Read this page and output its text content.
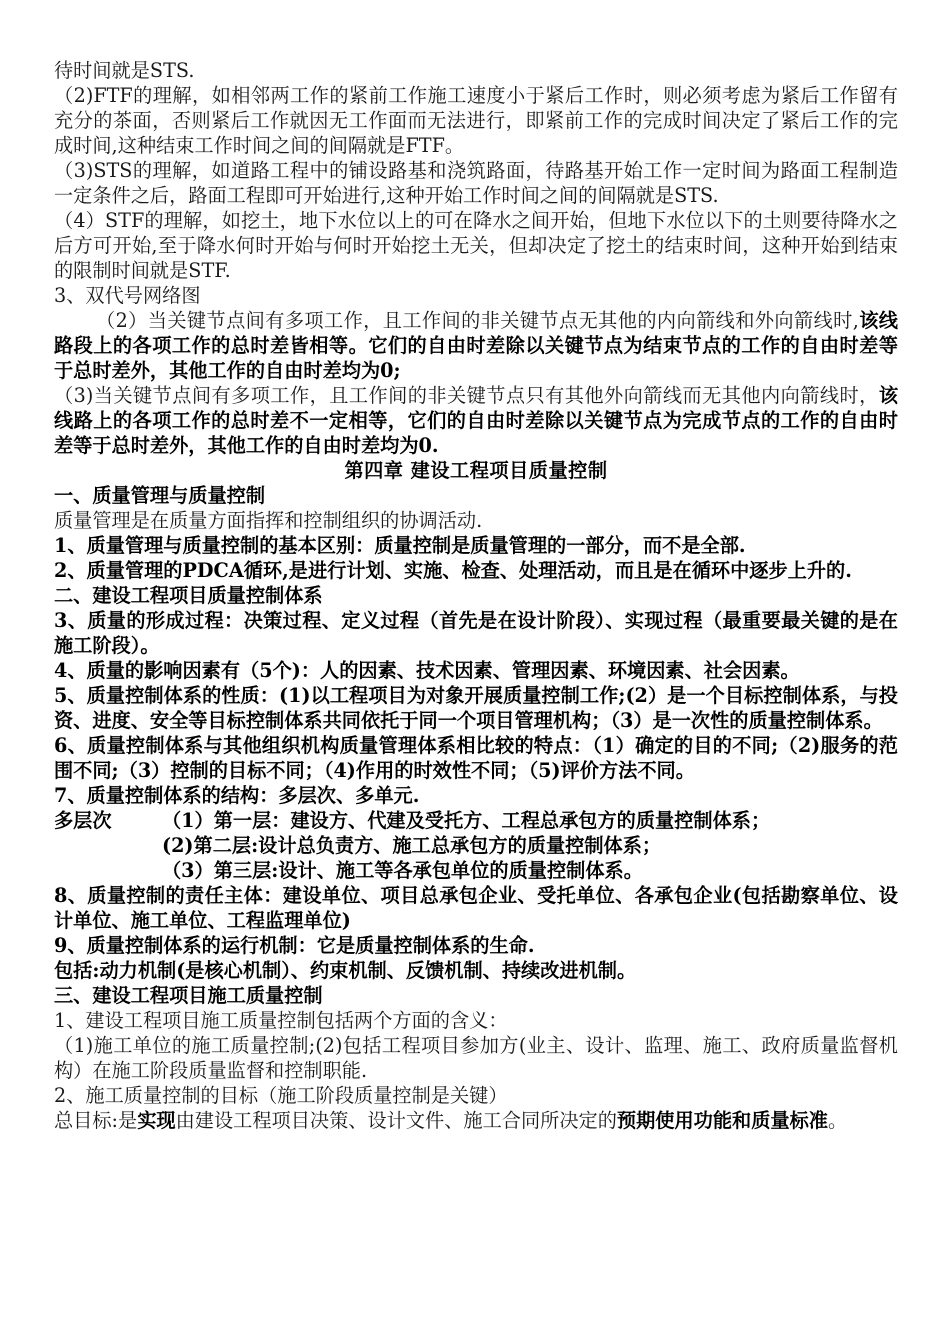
待时间就是STS.

（2)FTF的理解，如相邻两工作的紧前工作施工速度小于紧后工作时，则必须考虑为紧后工作留有充分的茶面，否则紧后工作就因无工作面而无法进行，即紧前工作的完成时间决定了紧后工作的完成时间,这种结束工作时间之间的间隔就是FTF。

（3)STS的理解，如道路工程中的铺设路基和浇筑路面，待路基开始工作一定时间为路面工程制造一定条件之后，路面工程即可开始进行,这种开始工作时间之间的间隔就是STS.

（4）STF的理解，如挖土，地下水位以上的可在降水之间开始，但地下水位以下的土则要待降水之后方可开始,至于降水何时开始与何时开始挖土无关，但却决定了挖土的结束时间，这种开始到结束的限制时间就是STF.

3、双代号网络图

（2）当关键节点间有多项工作，且工作间的非关键节点无其他的内向箭线和外向箭线时,该线路段上的各项工作的总时差皆相等。它们的自由时差除以关键节点为结束节点的工作的自由时差等于总时差外，其他工作的自由时差均为0;

（3)当关键节点间有多项工作，且工作间的非关键节点只有其他外向箭线而无其他内向箭线时，该线路上的各项工作的总时差不一定相等，它们的自由时差除以关键节点为完成节点的工作的自由时差等于总时差外，其他工作的自由时差均为0.

第四章 建设工程项目质量控制

一、质量管理与质量控制

质量管理是在质量方面指挥和控制组织的协调活动.

1、质量管理与质量控制的基本区别：质量控制是质量管理的一部分，而不是全部.

2、质量管理的PDCA循环,是进行计划、实施、检查、处理活动，而且是在循环中逐步上升的.

二、建设工程项目质量控制体系

3、质量的形成过程：决策过程、定义过程（首先是在设计阶段）、实现过程（最重要最关键的是在施工阶段）。

4、质量的影响因素有（5个)：人的因素、技术因素、管理因素、环境因素、社会因素。

5、质量控制体系的性质：(1)以工程项目为对象开展质量控制工作;(2）是一个目标控制体系，与投资、进度、安全等目标控制体系共同依托于同一个项目管理机构；（3）是一次性的质量控制体系。

6、质量控制体系与其他组织机构质量管理体系相比较的特点：（1）确定的目的不同;（2)服务的范围不同;（3）控制的目标不同；（4)作用的时效性不同；（5)评价方法不同。

7、质量控制体系的结构：多层次、多单元.

多层次	（1）第一层：建设方、代建及受托方、工程总承包方的质量控制体系；

(2)第二层:设计总负责方、施工总承包方的质量控制体系；

（3）第三层:设计、施工等各承包单位的质量控制体系。

8、质量控制的责任主体：建设单位、项目总承包企业、受托单位、各承包企业(包括勘察单位、设计单位、施工单位、工程监理单位)

9、质量控制体系的运行机制：它是质量控制体系的生命.

包括:动力机制(是核心机制）、约束机制、反馈机制、持续改进机制。

三、建设工程项目施工质量控制

1、建设工程项目施工质量控制包括两个方面的含义：

（1)施工单位的施工质量控制;(2)包括工程项目参加方(业主、设计、监理、施工、政府质量监督机构）在施工阶段质量监督和控制职能.

2、施工质量控制的目标（施工阶段质量控制是关键）

总目标:是实现由建设工程项目决策、设计文件、施工合同所决定的预期使用功能和质量标准。
